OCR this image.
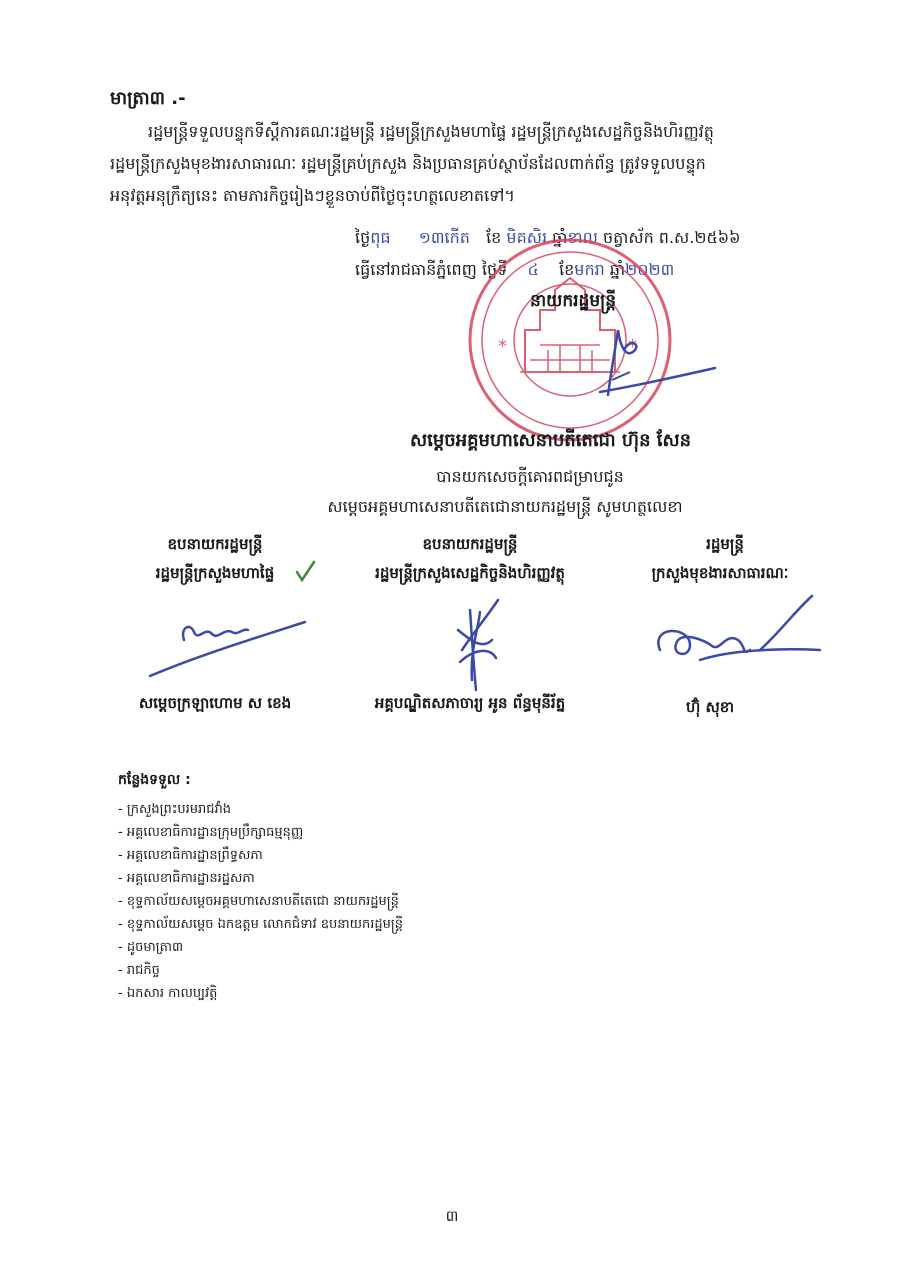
មាត្រា៣ .-
រដ្ឋមន្ត្រីទទួលបន្ទុកទីស្ដីការគណៈរដ្ឋមន្ត្រី រដ្ឋមន្ត្រីក្រសួងមហាផ្ទៃ រដ្ឋមន្ត្រីក្រសួងសេដ្ឋកិច្ចនិងហិរញ្ញវត្ថុ
រដ្ឋមន្ត្រីក្រសួងមុខងារសាធារណៈ រដ្ឋមន្ត្រីគ្រប់ក្រសួង និងប្រធានគ្រប់ស្ថាប័នដែលពាក់ព័ន្ធ ត្រូវទទួលបន្ទុក
អនុវត្តអនុក្រឹត្យនេះ តាមភារកិច្ចរៀងៗខ្លួនចាប់ពីថ្ងៃចុះហត្ថលេខាតទៅ។
ថ្ងៃពុធ ១៣កើត ខែ មិគសិរ ឆ្នាំខាល ចត្វាស័ក ព.ស.២៥៦៦
ធ្វើនៅរាជធានីភ្នំពេញ ថ្ងៃទី ៤ ខែមករា ឆ្នាំ២០២៣
*	*
នាយករដ្ឋមន្ត្រី
សម្ដេចអគ្គមហាសេនាបតីតេជោ ហ៊ុន សែន
បានយកសេចក្ដីគោរពជម្រាបជូន
សម្ដេចអគ្គមហាសេនាបតីតេជោនាយករដ្ឋមន្ត្រី សូមហត្ថលេខា
ឧបនាយករដ្ឋមន្ត្រី
រដ្ឋមន្ត្រីក្រសួងមហាផ្ទៃ
សម្ដេចក្រឡាហោម ស ខេង
ឧបនាយករដ្ឋមន្ត្រី
រដ្ឋមន្ត្រីក្រសួងសេដ្ឋកិច្ចនិងហិរញ្ញវត្ថុ
អគ្គបណ្ឌិតសភាចារ្យ អូន ព័ន្ធមុនីរ័ត្ន
រដ្ឋមន្ត្រី
ក្រសួងមុខងារសាធារណៈ
ហ៊ុំ សុខា
កន្លែងទទួល :
- ក្រសួងព្រះបរមរាជវាំង
- អគ្គលេខាធិការដ្ឋានក្រុមប្រឹក្សាធម្មនុញ្ញ
- អគ្គលេខាធិការដ្ឋានព្រឹទ្ធសភា
- អគ្គលេខាធិការដ្ឋានរដ្ឋសភា
- ខុទ្ទកាល័យសម្ដេចអគ្គមហាសេនាបតីតេជោ នាយករដ្ឋមន្ត្រី
- ខុទ្ទកាល័យសម្ដេច ឯកឧត្ដម លោកជំទាវ ឧបនាយករដ្ឋមន្ត្រី
- ដូចមាត្រា៣
- រាជកិច្ច
- ឯកសារ កាលប្បវត្តិ
៣
